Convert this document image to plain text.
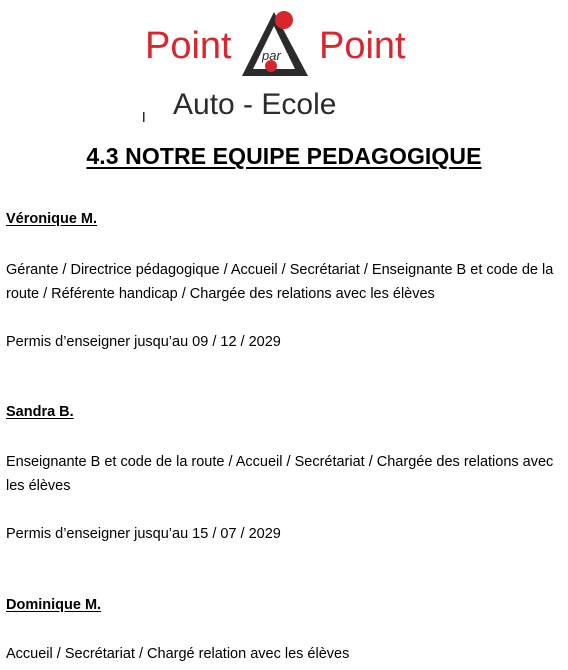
Point par Point
Auto - Ecole
4.3 NOTRE EQUIPE PEDAGOGIQUE
Véronique M.
Gérante / Directrice pédagogique / Accueil / Secrétariat / Enseignante B et code de la route / Référente handicap / Chargée des relations avec les élèves
Permis d’enseigner jusqu’au 09 / 12 / 2029
Sandra B.
Enseignante B et code de la route / Accueil / Secrétariat / Chargée des relations avec les élèves
Permis d’enseigner jusqu’au 15 / 07 / 2029
Dominique M.
Accueil / Secrétariat / Chargé relation avec les élèves
